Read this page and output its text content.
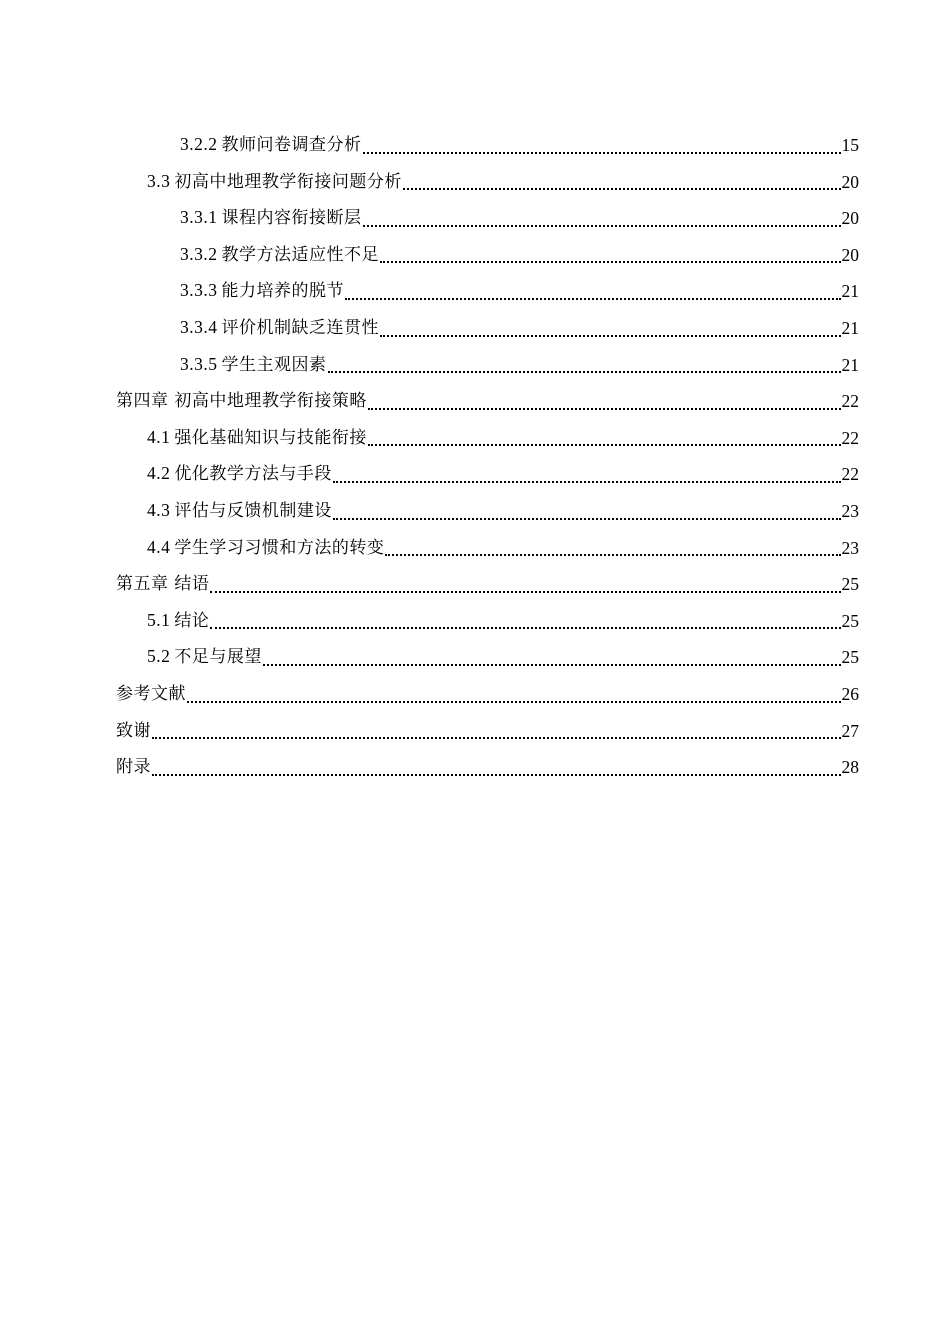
3.2.2 教师问卷调查分析	15
3.3 初高中地理教学衔接问题分析	20
3.3.1 课程内容衔接断层	20
3.3.2 教学方法适应性不足	20
3.3.3 能力培养的脱节	21
3.3.4 评价机制缺乏连贯性	21
3.3.5 学生主观因素	21
第四章 初高中地理教学衔接策略	22
4.1 强化基础知识与技能衔接	22
4.2 优化教学方法与手段	22
4.3 评估与反馈机制建设	23
4.4 学生学习习惯和方法的转变	23
第五章 结语	25
5.1 结论	25
5.2 不足与展望	25
参考文献	26
致谢	27
附录	28
